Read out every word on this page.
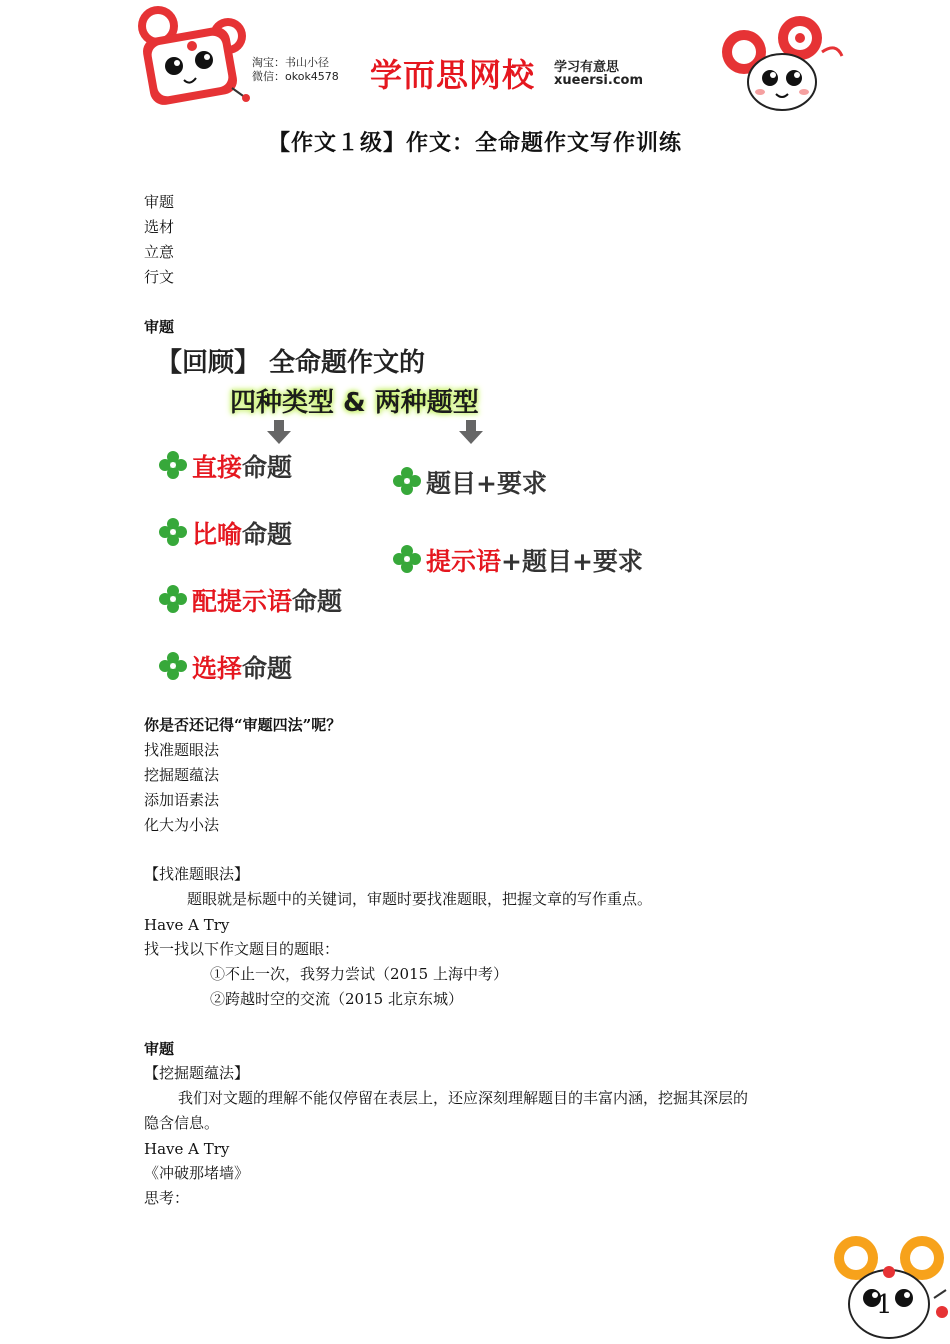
淘宝：书山小径
微信：okok4578 学而思网校 学习有意思
xueersi.com
【作文１级】作文：全命题作文写作训练
审题
选材
立意
行文
审题
【回顾】 全命题作文的
四种类型 & 两种题型
直接命题
比喻命题
配提示语命题
选择命题
题目+要求
提示语+题目+要求
你是否还记得“审题四法”呢？
找准题眼法
挖掘题蕴法
添加语素法
化大为小法
【找准题眼法】
题眼就是标题中的关键词，审题时要找准题眼，把握文章的写作重点。
Have A Try
找一找以下作文题目的题眼：
①不止一次，我努力尝试（2015 上海中考）
②跨越时空的交流（2015 北京东城）
审题
【挖掘题蕴法】
我们对文题的理解不能仅停留在表层上，还应深刻理解题目的丰富内涵，挖掘其深层的
隐含信息。
Have A Try
《冲破那堵墙》
思考：
1
